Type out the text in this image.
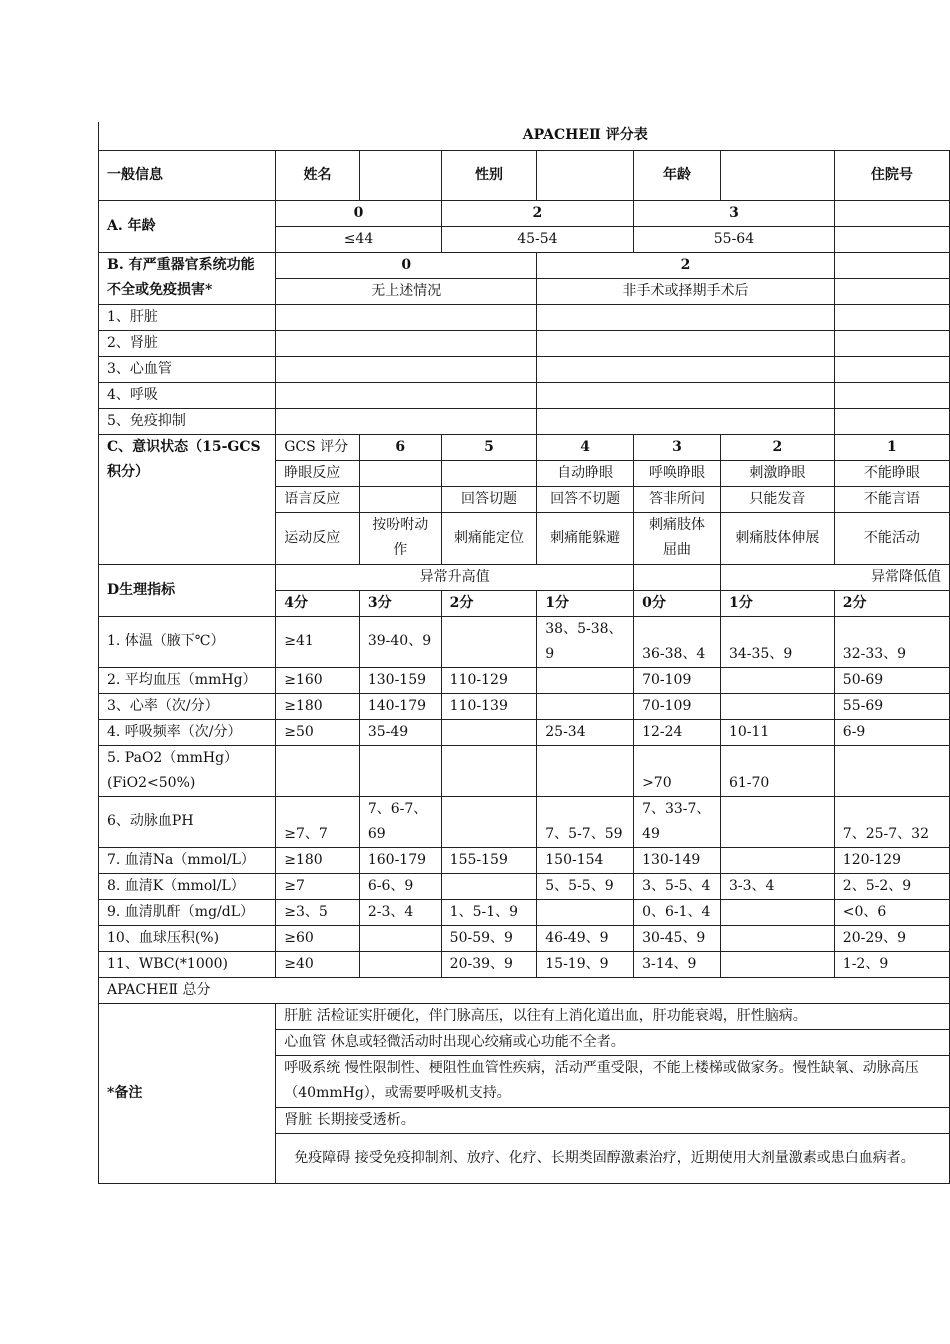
APACHEⅡ 评分表							
一般信息	姓名		性别		年龄		住院号
A. 年龄	0		2		3		
	≤44		45-54		55-64		
B. 有严重器官系统功能不全或免疫损害*	0			2			
	无上述情况			非手术或择期手术后			
1、肝脏							
2、肾脏							
3、心血管							
4、呼吸							
5、免疫抑制							
C、意识状态（15-GCS积分）	GCS 评分	6	5	4	3	2	1
	睁眼反应			自动睁眼	呼唤睁眼	刺激睁眼	不能睁眼
	语言反应		回答切题	回答不切题	答非所问	只能发音	不能言语
	运动反应	按吩咐动作	刺痛能定位	刺痛能躲避	刺痛肢体屈曲	刺痛肢体伸展	不能活动
D生理指标	异常升高值					异常降低值	
	4分	3分	2分	1分	0分	1分	2分
1. 体温（腋下℃）	≥41	39-40、9		38、5-38、9	36-38、4	34-35、9	32-33、9
2. 平均血压（mmHg）	≥160	130-159	110-129		70-109		50-69
3、心率（次/分）	≥180	140-179	110-139		70-109		55-69
4. 呼吸频率（次/分）	≥50	35-49		25-34	12-24	10-11	6-9
5. PaO2（mmHg）(FiO2<50%)					>70	61-70	
6、动脉血PH	≥7、7	7、6-7、69		7、5-7、59	7、33-7、49		7、25-7、32
7. 血清Na（mmol/L）	≥180	160-179	155-159	150-154	130-149		120-129
8. 血清K（mmol/L）	≥7	6-6、9		5、5-5、9	3、5-5、4	3-3、4	2、5-2、9
9. 血清肌酐（mg/dL）	≥3、5	2-3、4	1、5-1、9		0、6-1、4		<0、6
10、血球压积(%)	≥60		50-59、9	46-49、9	30-45、9		20-29、9
11、WBC(*1000)	≥40		20-39、9	15-19、9	3-14、9		1-2、9
APACHEⅡ 总分							
*备注	肝脏 活检证实肝硬化，伴门脉高压，以往有上消化道出血，肝功能衰竭，肝性脑病。						
	心血管 休息或轻微活动时出现心绞痛或心功能不全者。						
	呼吸系统 慢性限制性、梗阻性血管性疾病，活动严重受限，不能上楼梯或做家务。慢性缺氧、动脉高压（40mmHg），或需要呼吸机支持。						
	肾脏 长期接受透析。						
	免疫障碍 接受免疫抑制剂、放疗、化疗、长期类固醇激素治疗，近期使用大剂量激素或患白血病者。						
